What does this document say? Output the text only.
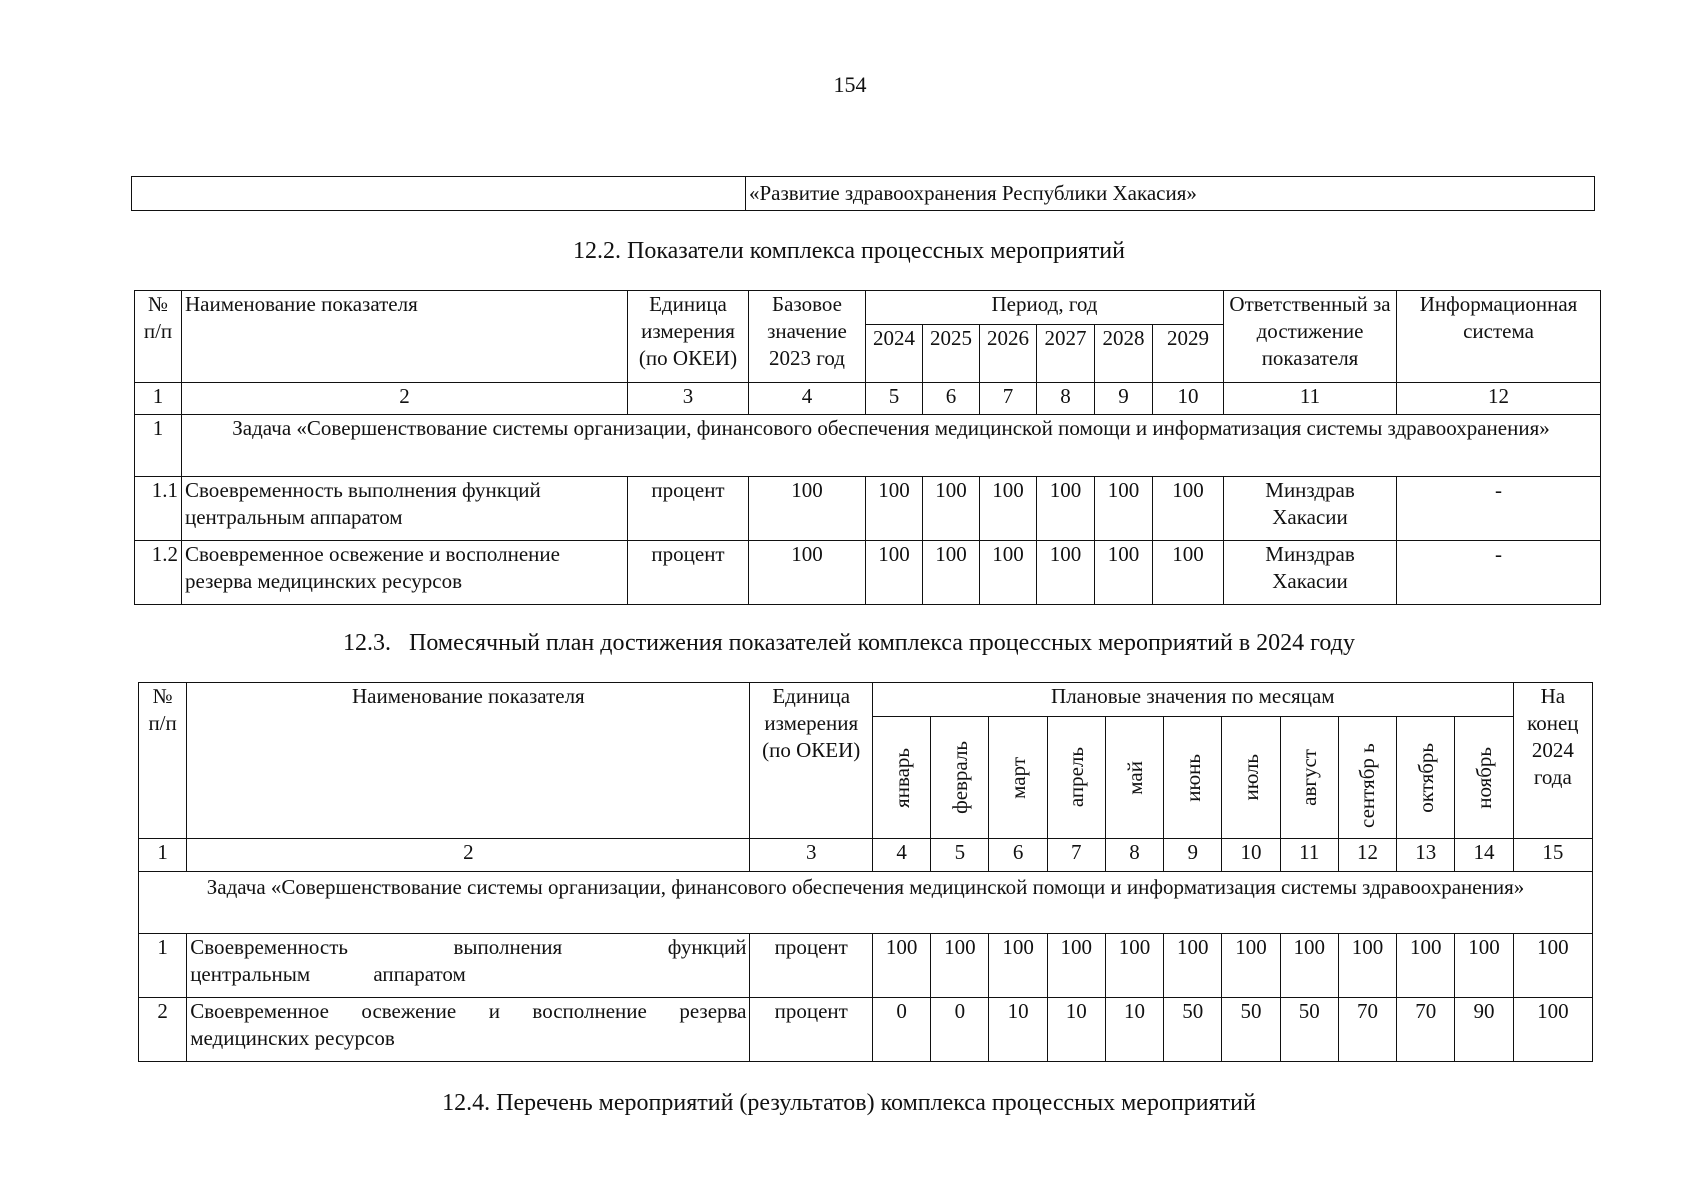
154
	«Развитие здравоохранения Республики Хакасия»
12.2. Показатели комплекса процессных мероприятий
№ п/п	Наименование показателя	Единица измерения (по ОКЕИ)	Базовое значение 2023 год	Период, год						Ответственный за достижение показателя	Информационная система
				2024	2025	2026	2027	2028	2029		
1	2	3	4	5	6	7	8	9	10	11	12
1	Задача «Совершенствование системы организации, финансового обеспечения медицинской помощи и информатизация системы здравоохранения»										
1.1	Своевременность выполнения функций центральным аппаратом	процент	100	100	100	100	100	100	100	Минздрав Хакасии	-
1.2	Своевременное освежение и восполнение резерва медицинских ресурсов	процент	100	100	100	100	100	100	100	Минздрав Хакасии	-
12.3.   Помесячный план достижения показателей комплекса процессных мероприятий в 2024 году
№ п/п	Наименование показателя	Единица измерения (по ОКЕИ)	Плановые значения по месяцам											На конец 2024 года

			январь	февраль	март	апрель	май	июнь	июль	август	сентябр ь	октябрь	ноябрь	

1	2	3	4	5	6	7	8	9	10	11	12	13	14	15
Задача «Совершенствование системы организации, финансового обеспечения медицинской помощи и информатизация системы здравоохранения»														
1	Своевременность выполнения функций центральным аппаратом	процент	100	100	100	100	100	100	100	100	100	100	100	100
2	Своевременное освежение и восполнение резерва медицинских ресурсов	процент	0	0	10	10	10	50	50	50	70	70	90	100
12.4. Перечень мероприятий (результатов) комплекса процессных мероприятий
